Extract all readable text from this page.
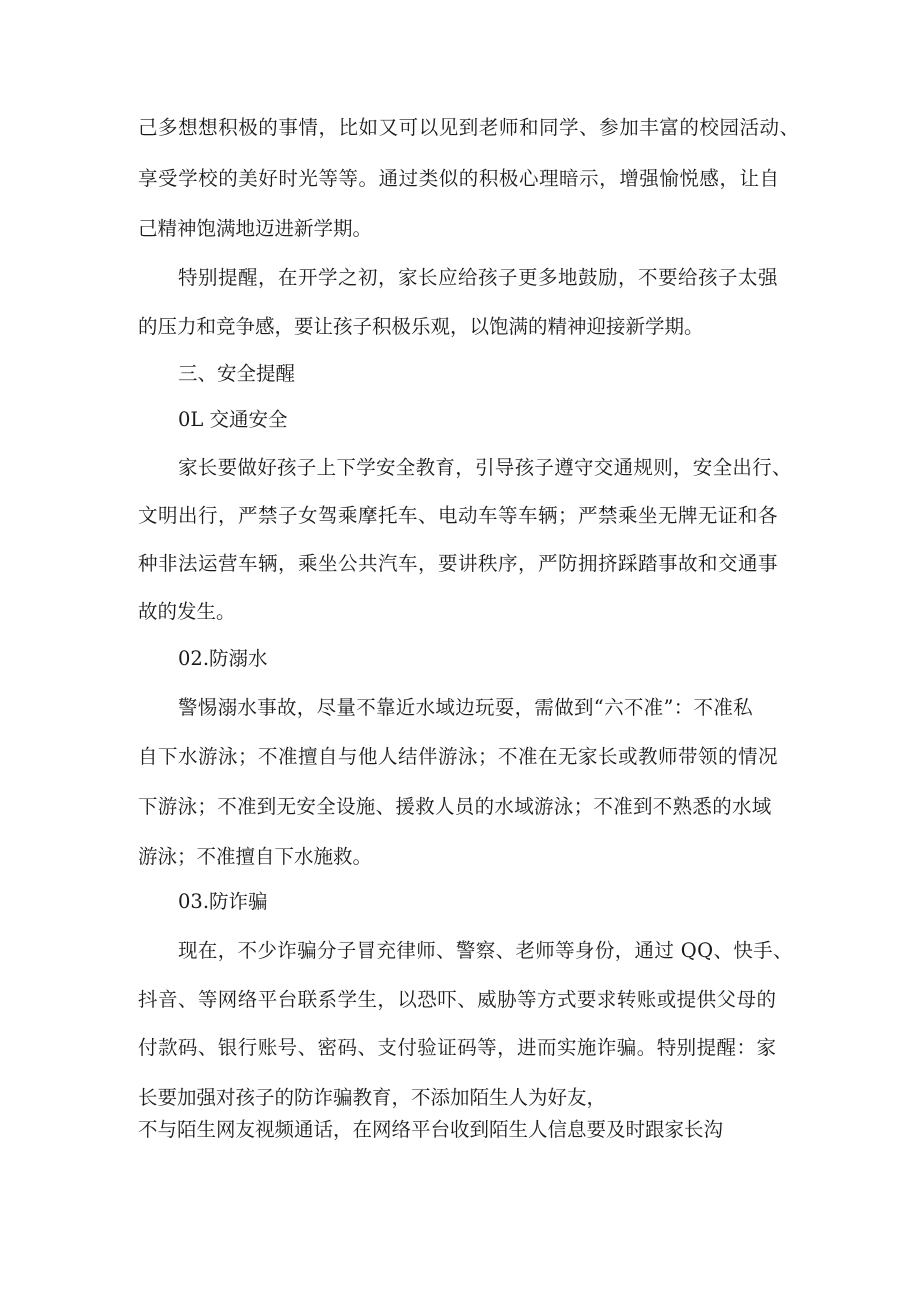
己多想想积极的事情，比如又可以见到老师和同学、参加丰富的校园活动、
享受学校的美好时光等等。通过类似的积极心理暗示，增强愉悦感，让自
己精神饱满地迈进新学期。
特别提醒，在开学之初，家长应给孩子更多地鼓励，不要给孩子太强
的压力和竞争感，要让孩子积极乐观，以饱满的精神迎接新学期。
三、安全提醒
0L 交通安全
家长要做好孩子上下学安全教育，引导孩子遵守交通规则，安全出行、
文明出行，严禁子女驾乘摩托车、电动车等车辆；严禁乘坐无牌无证和各
种非法运营车辆，乘坐公共汽车，要讲秩序，严防拥挤踩踏事故和交通事
故的发生。
02.防溺水
警惕溺水事故，尽量不靠近水域边玩耍，需做到“六不准”：不准私
自下水游泳；不准擅自与他人结伴游泳；不准在无家长或教师带领的情况
下游泳；不准到无安全设施、援救人员的水域游泳；不准到不熟悉的水域
游泳；不准擅自下水施救。
03.防诈骗
现在，不少诈骗分子冒充律师、警察、老师等身份，通过 QQ、快手、
抖音、等网络平台联系学生，以恐吓、威胁等方式要求转账或提供父母的
付款码、银行账号、密码、支付验证码等，进而实施诈骗。特别提醒：家
长要加强对孩子的防诈骗教育，不添加陌生人为好友，
不与陌生网友视频通话，在网络平台收到陌生人信息要及时跟家长沟
